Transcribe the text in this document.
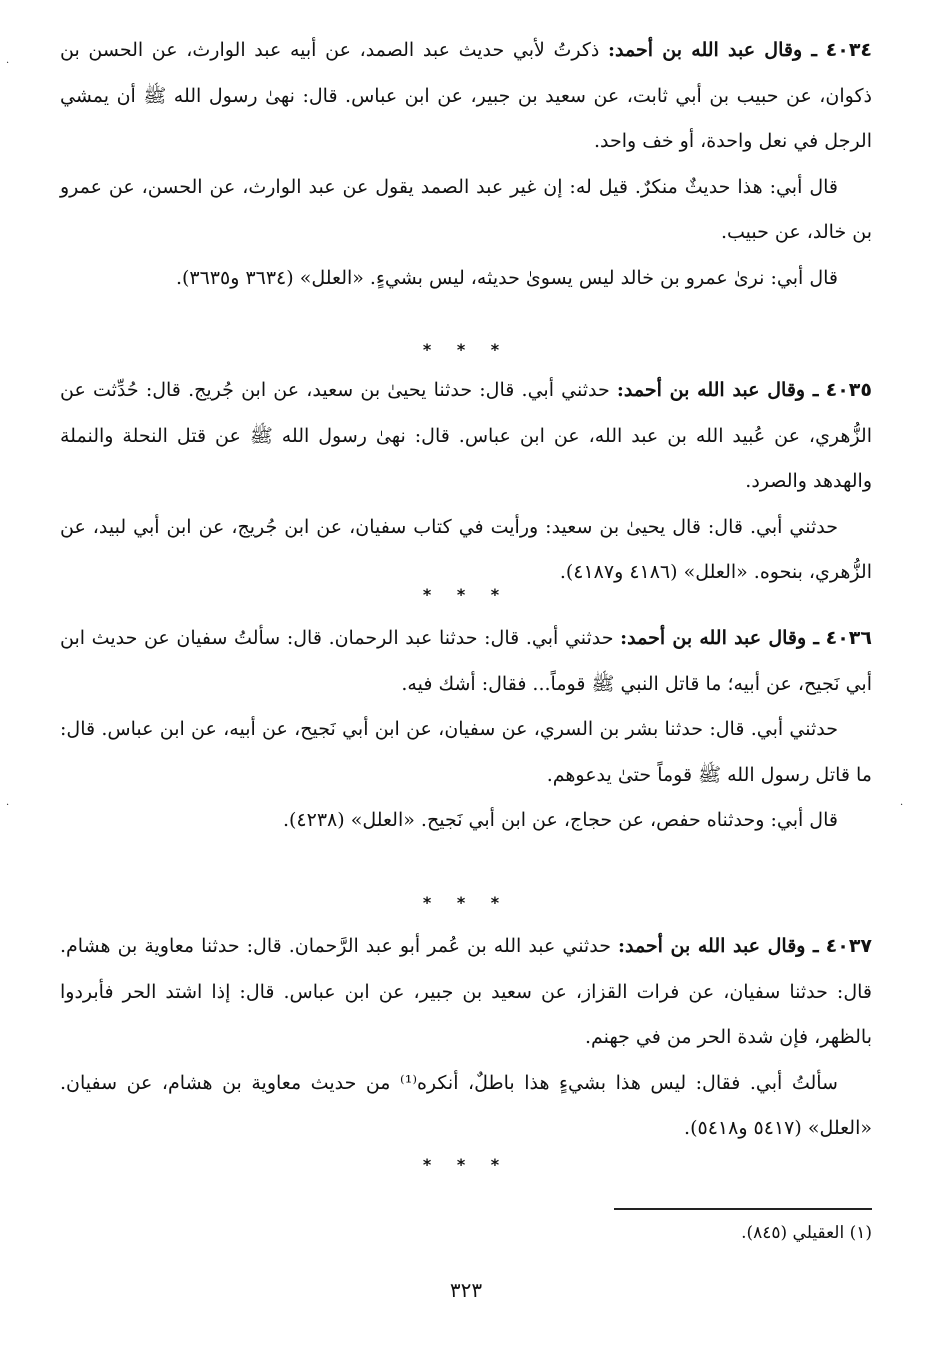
٤٠٣٤ ـ وقال عبد الله بن أحمد: ذكرتُ لأبي حديث عبد الصمد، عن أبيه عبد الوارث، عن الحسن بن ذكوان، عن حبيب بن أبي ثابت، عن سعيد بن جبير، عن ابن عباس. قال: نهىٰ رسول الله ﷺ أن يمشي الرجل في نعل واحدة، أو خف واحد.

قال أبي: هذا حديثٌ منكرٌ. قيل له: إن غير عبد الصمد يقول عن عبد الوارث، عن الحسن، عن عمرو بن خالد، عن حبيب.

قال أبي: نرىٰ عمرو بن خالد ليس يسوىٰ حديثه، ليس بشيءٍ. «العلل» (٣٦٣٤ و٣٦٣٥).

* * *

٤٠٣٥ ـ وقال عبد الله بن أحمد: حدثني أبي. قال: حدثنا يحيىٰ بن سعيد، عن ابن جُريج. قال: حُدِّثت عن الزُّهري، عن عُبيد الله بن عبد الله، عن ابن عباس. قال: نهىٰ رسول الله ﷺ عن قتل النحلة والنملة والهدهد والصرد.

حدثني أبي. قال: قال يحيىٰ بن سعيد: ورأيت في كتاب سفيان، عن ابن جُريج، عن ابن أبي لبيد، عن الزُّهري، بنحوه. «العلل» (٤١٨٦ و٤١٨٧).

* * *

٤٠٣٦ ـ وقال عبد الله بن أحمد: حدثني أبي. قال: حدثنا عبد الرحمان. قال: سألتُ سفيان عن حديث ابن أبي نَجيح، عن أبيه؛ ما قاتل النبي ﷺ قوماً... فقال: أشك فيه.

حدثني أبي. قال: حدثنا بشر بن السري، عن سفيان، عن ابن أبي نَجيح، عن أبيه، عن ابن عباس. قال: ما قاتل رسول الله ﷺ قوماً حتىٰ يدعوهم.

قال أبي: وحدثناه حفص، عن حجاج، عن ابن أبي نَجيح. «العلل» (٤٢٣٨).

* * *

٤٠٣٧ ـ وقال عبد الله بن أحمد: حدثني عبد الله بن عُمر أبو عبد الرَّحمان. قال: حدثنا معاوية بن هشام. قال: حدثنا سفيان، عن فرات القزاز، عن سعيد بن جبير، عن ابن عباس. قال: إذا اشتد الحر فأبردوا بالظهر، فإن شدة الحر من في جهنم.

سألتُ أبي. فقال: ليس هذا بشيءٍ هذا باطلٌ، أنكره⁽¹⁾ من حديث معاوية بن هشام، عن سفيان. «العلل» (٥٤١٧ و٥٤١٨).

* * *
(١) العقيلي (٨٤٥).
٣٢٣
·
·	·
